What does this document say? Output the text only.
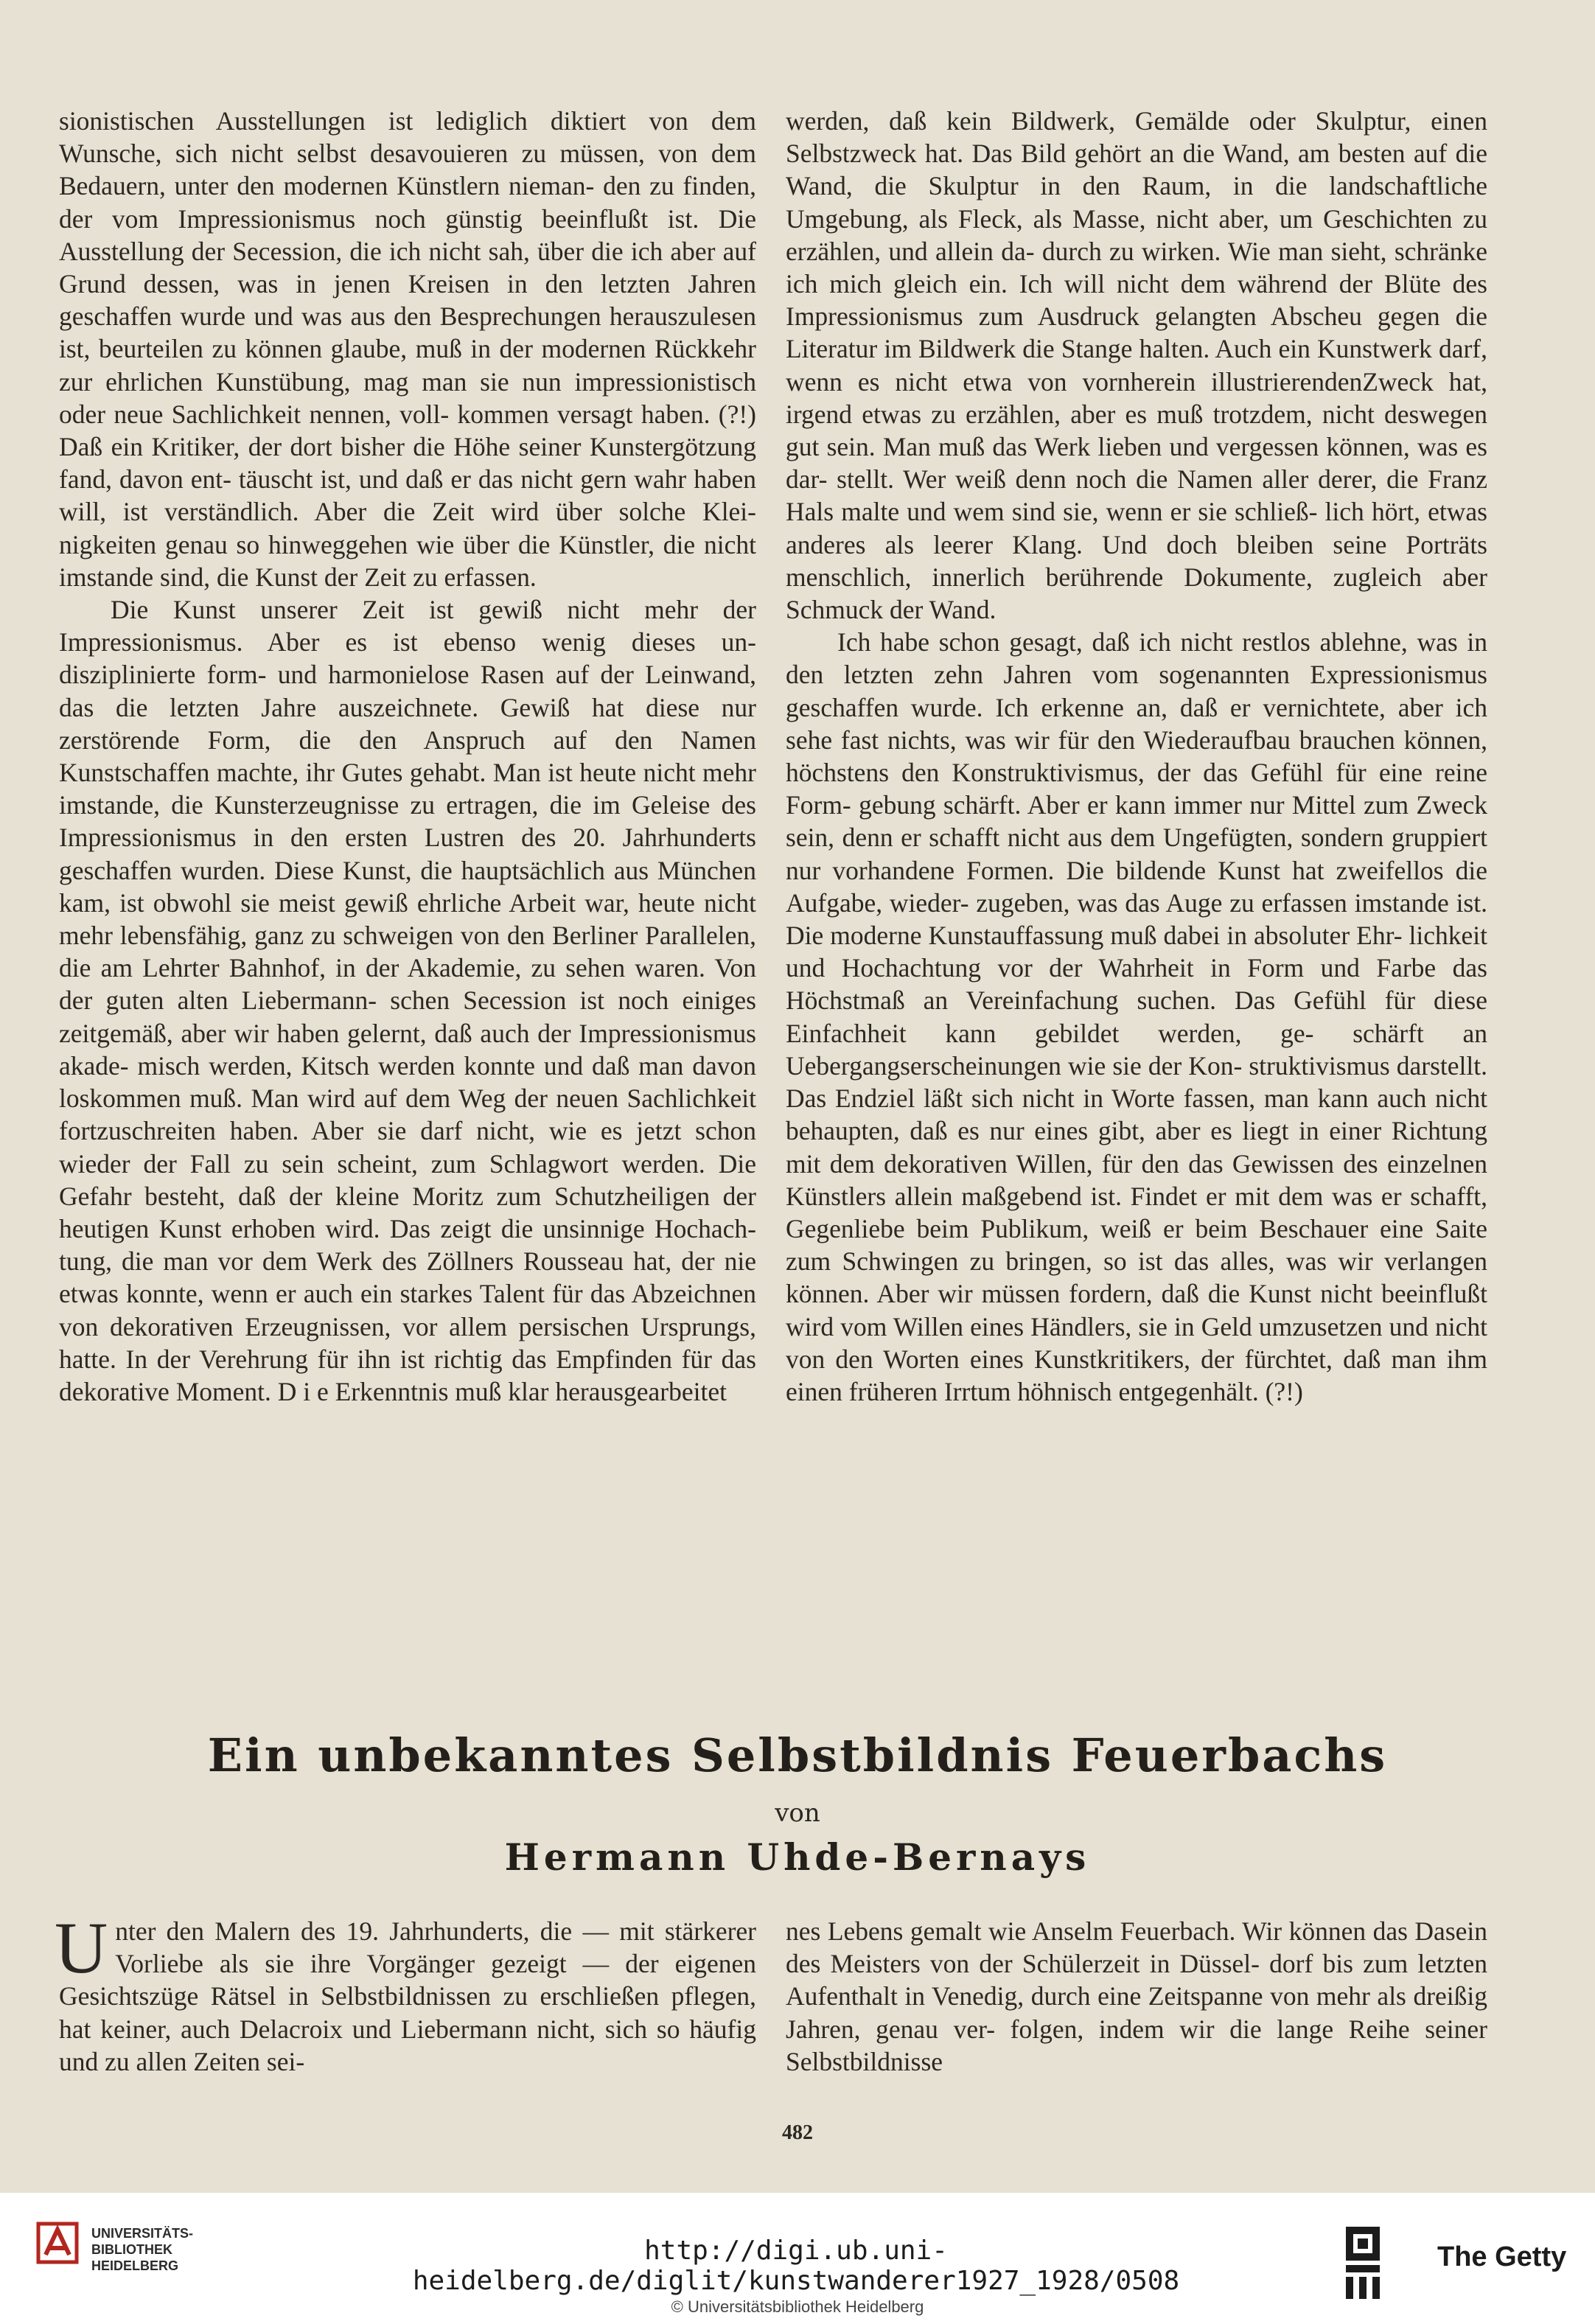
sionistischen Ausstellungen ist lediglich diktiert von dem Wunsche, sich nicht selbst desavouieren zu müssen, von dem Bedauern, unter den modernen Künstlern nieman- den zu finden, der vom Impressionismus noch günstig beeinflußt ist. Die Ausstellung der Secession, die ich nicht sah, über die ich aber auf Grund dessen, was in jenen Kreisen in den letzten Jahren geschaffen wurde und was aus den Besprechungen herauszulesen ist, beurteilen zu können glaube, muß in der modernen Rückkehr zur ehrlichen Kunstübung, mag man sie nun impressionistisch oder neue Sachlichkeit nennen, voll- kommen versagt haben. (?!) Daß ein Kritiker, der dort bisher die Höhe seiner Kunstergötzung fand, davon ent- täuscht ist, und daß er das nicht gern wahr haben will, ist verständlich. Aber die Zeit wird über solche Klei- nigkeiten genau so hinweggehen wie über die Künstler, die nicht imstande sind, die Kunst der Zeit zu erfassen.

Die Kunst unserer Zeit ist gewiß nicht mehr der Impressionismus. Aber es ist ebenso wenig dieses un- disziplinierte form- und harmonielose Rasen auf der Leinwand, das die letzten Jahre auszeichnete. Gewiß hat diese nur zerstörende Form, die den Anspruch auf den Namen Kunstschaffen machte, ihr Gutes gehabt. Man ist heute nicht mehr imstande, die Kunsterzeugnisse zu ertragen, die im Geleise des Impressionismus in den ersten Lustren des 20. Jahrhunderts geschaffen wurden. Diese Kunst, die hauptsächlich aus München kam, ist obwohl sie meist gewiß ehrliche Arbeit war, heute nicht mehr lebensfähig, ganz zu schweigen von den Berliner Parallelen, die am Lehrter Bahnhof, in der Akademie, zu sehen waren. Von der guten alten Liebermann- schen Secession ist noch einiges zeitgemäß, aber wir haben gelernt, daß auch der Impressionismus akade- misch werden, Kitsch werden konnte und daß man davon loskommen muß. Man wird auf dem Weg der neuen Sachlichkeit fortzuschreiten haben. Aber sie darf nicht, wie es jetzt schon wieder der Fall zu sein scheint, zum Schlagwort werden. Die Gefahr besteht, daß der kleine Moritz zum Schutzheiligen der heutigen Kunst erhoben wird. Das zeigt die unsinnige Hochach- tung, die man vor dem Werk des Zöllners Rousseau hat, der nie etwas konnte, wenn er auch ein starkes Talent für das Abzeichnen von dekorativen Erzeugnissen, vor allem persischen Ursprungs, hatte. In der Verehrung für ihn ist richtig das Empfinden für das dekorative Moment. D i e Erkenntnis muß klar herausgearbeitet

werden, daß kein Bildwerk, Gemälde oder Skulptur, einen Selbstzweck hat. Das Bild gehört an die Wand, am besten auf die Wand, die Skulptur in den Raum, in die landschaftliche Umgebung, als Fleck, als Masse, nicht aber, um Geschichten zu erzählen, und allein da- durch zu wirken. Wie man sieht, schränke ich mich gleich ein. Ich will nicht dem während der Blüte des Impressionismus zum Ausdruck gelangten Abscheu gegen die Literatur im Bildwerk die Stange halten. Auch ein Kunstwerk darf, wenn es nicht etwa von vornherein illustrierendenZweck hat, irgend etwas zu erzählen, aber es muß trotzdem, nicht deswegen gut sein. Man muß das Werk lieben und vergessen können, was es dar- stellt. Wer weiß denn noch die Namen aller derer, die Franz Hals malte und wem sind sie, wenn er sie schließ- lich hört, etwas anderes als leerer Klang. Und doch bleiben seine Porträts menschlich, innerlich berührende Dokumente, zugleich aber Schmuck der Wand.

Ich habe schon gesagt, daß ich nicht restlos ablehne, was in den letzten zehn Jahren vom sogenannten Expressionismus geschaffen wurde. Ich erkenne an, daß er vernichtete, aber ich sehe fast nichts, was wir für den Wiederaufbau brauchen können, höchstens den Konstruktivismus, der das Gefühl für eine reine Form- gebung schärft. Aber er kann immer nur Mittel zum Zweck sein, denn er schafft nicht aus dem Ungefügten, sondern gruppiert nur vorhandene Formen. Die bildende Kunst hat zweifellos die Aufgabe, wieder- zugeben, was das Auge zu erfassen imstande ist. Die moderne Kunstauffassung muß dabei in absoluter Ehr- lichkeit und Hochachtung vor der Wahrheit in Form und Farbe das Höchstmaß an Vereinfachung suchen. Das Gefühl für diese Einfachheit kann gebildet werden, ge- schärft an Uebergangserscheinungen wie sie der Kon- struktivismus darstellt. Das Endziel läßt sich nicht in Worte fassen, man kann auch nicht behaupten, daß es nur eines gibt, aber es liegt in einer Richtung mit dem dekorativen Willen, für den das Gewissen des einzelnen Künstlers allein maßgebend ist. Findet er mit dem was er schafft, Gegenliebe beim Publikum, weiß er beim Beschauer eine Saite zum Schwingen zu bringen, so ist das alles, was wir verlangen können. Aber wir müssen fordern, daß die Kunst nicht beeinflußt wird vom Willen eines Händlers, sie in Geld umzusetzen und nicht von den Worten eines Kunstkritikers, der fürchtet, daß man ihm einen früheren Irrtum höhnisch entgegenhält. (?!)

Ein unbekanntes Selbstbildnis Feuerbachs
von
Hermann Uhde-Bernays

Unter den Malern des 19. Jahrhunderts, die — mit stärkerer Vorliebe als sie ihre Vorgänger gezeigt — der eigenen Gesichtszüge Rätsel in Selbstbildnissen zu erschließen pflegen, hat keiner, auch Delacroix und Liebermann nicht, sich so häufig und zu allen Zeiten sei-

nes Lebens gemalt wie Anselm Feuerbach. Wir können das Dasein des Meisters von der Schülerzeit in Düssel- dorf bis zum letzten Aufenthalt in Venedig, durch eine Zeitspanne von mehr als dreißig Jahren, genau ver- folgen, indem wir die lange Reihe seiner Selbstbildnisse

482
UNIVERSITÄTS-
BIBLIOTHEK
HEIDELBERG	http://digi.ub.uni-heidelberg.de/diglit/kunstwanderer1927_1928/0508
The Getty
© Universitätsbibliothek Heidelberg
